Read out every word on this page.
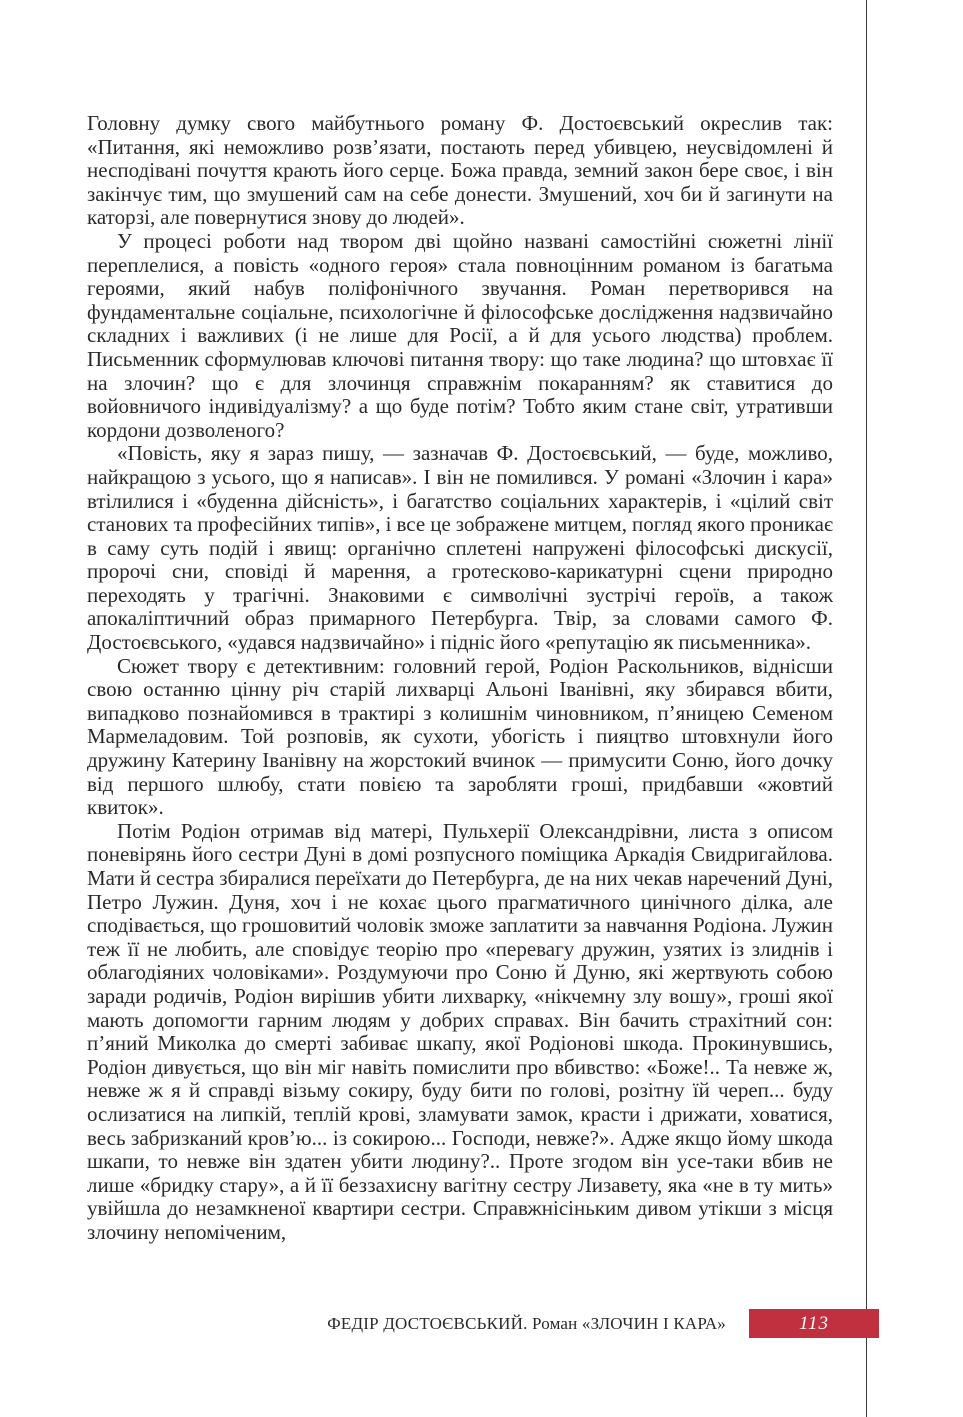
Головну думку свого майбутнього роману Ф. Достоєвський окреслив так: «Питання, які неможливо розв’язати, постають перед убивцею, неусвідомлені й несподівані почуття крають його серце. Божа правда, земний закон бере своє, і він закінчує тим, що змушений сам на себе донести. Змушений, хоч би й загинути на каторзі, але повернутися знову до людей».

У процесі роботи над твором дві щойно названі самостійні сюжетні лінії переплелися, а повість «одного героя» стала повноцінним романом із багатьма героями, який набув поліфонічного звучання. Роман перетворився на фундаментальне соціальне, психологічне й філософське дослідження надзвичайно складних і важливих (і не лише для Росії, а й для усього людства) проблем. Письменник сформулював ключові питання твору: що таке людина? що штовхає її на злочин? що є для злочинця справжнім покаранням? як ставитися до войовничого індивідуалізму? а що буде потім? Тобто яким стане світ, утративши кордони дозволеного?

«Повість, яку я зараз пишу, — зазначав Ф. Достоєвський, — буде, можливо, найкращою з усього, що я написав». І він не помилився. У романі «Злочин і кара» втілилися і «буденна дійсність», і багатство соціальних характерів, і «цілий світ станових та професійних типів», і все це зображене митцем, погляд якого проникає в саму суть подій і явищ: органічно сплетені напружені філософські дискусії, пророчі сни, сповіді й марення, а гротесково-карикатурні сцени природно переходять у трагічні. Знаковими є символічні зустрічі героїв, а також апокаліптичний образ примарного Петербурга. Твір, за словами самого Ф. Достоєвського, «удався надзвичайно» і підніс його «репутацію як письменника».

Сюжет твору є детективним: головний герой, Родіон Раскольников, віднісши свою останню цінну річ старій лихварці Альоні Іванівні, яку збирався вбити, випадково познайомився в трактирі з колишнім чиновником, п’яницею Семеном Мармеладовим. Той розповів, як сухоти, убогість і пияцтво штовхнули його дружину Катерину Іванівну на жорстокий вчинок — примусити Соню, його дочку від першого шлюбу, стати повією та заробляти гроші, придбавши «жовтий квиток».

Потім Родіон отримав від матері, Пульхерії Олександрівни, листа з описом поневірянь його сестри Дуні в домі розпусного поміщика Аркадія Свидригайлова. Мати й сестра збиралися переїхати до Петербурга, де на них чекав наречений Дуні, Петро Лужин. Дуня, хоч і не кохає цього прагматичного цинічного ділка, але сподівається, що грошовитий чоловік зможе заплатити за навчання Родіона. Лужин теж її не любить, але сповідує теорію про «перевагу дружин, узятих із злиднів і облагодіяних чоловіками». Роздумуючи про Соню й Дуню, які жертвують собою заради родичів, Родіон вирішив убити лихварку, «нікчемну злу вошу», гроші якої мають допомогти гарним людям у добрих справах. Він бачить страхітний сон: п’яний Миколка до смерті забиває шкапу, якої Родіонові шкода. Прокинувшись, Родіон дивується, що він міг навіть помислити про вбивство: «Боже!.. Та невже ж, невже ж я й справді візьму сокиру, буду бити по голові, розітну їй череп... буду ослизатися на липкій, теплій крові, зламувати замок, красти і дрижати, ховатися, весь забризканий кров’ю... із сокирою... Господи, невже?». Адже якщо йому шкода шкапи, то невже він здатен убити людину?.. Проте згодом він усе-таки вбив не лише «бридку стару», а й її беззахисну вагітну сестру Лизавету, яка «не в ту мить» увійшла до незамкненої квартири сестри. Справжнісіньким дивом утікши з місця злочину непоміченим,

ФЕДІР ДОСТОЄВСЬКИЙ. Роман «ЗЛОЧИН І КАРА»	113
